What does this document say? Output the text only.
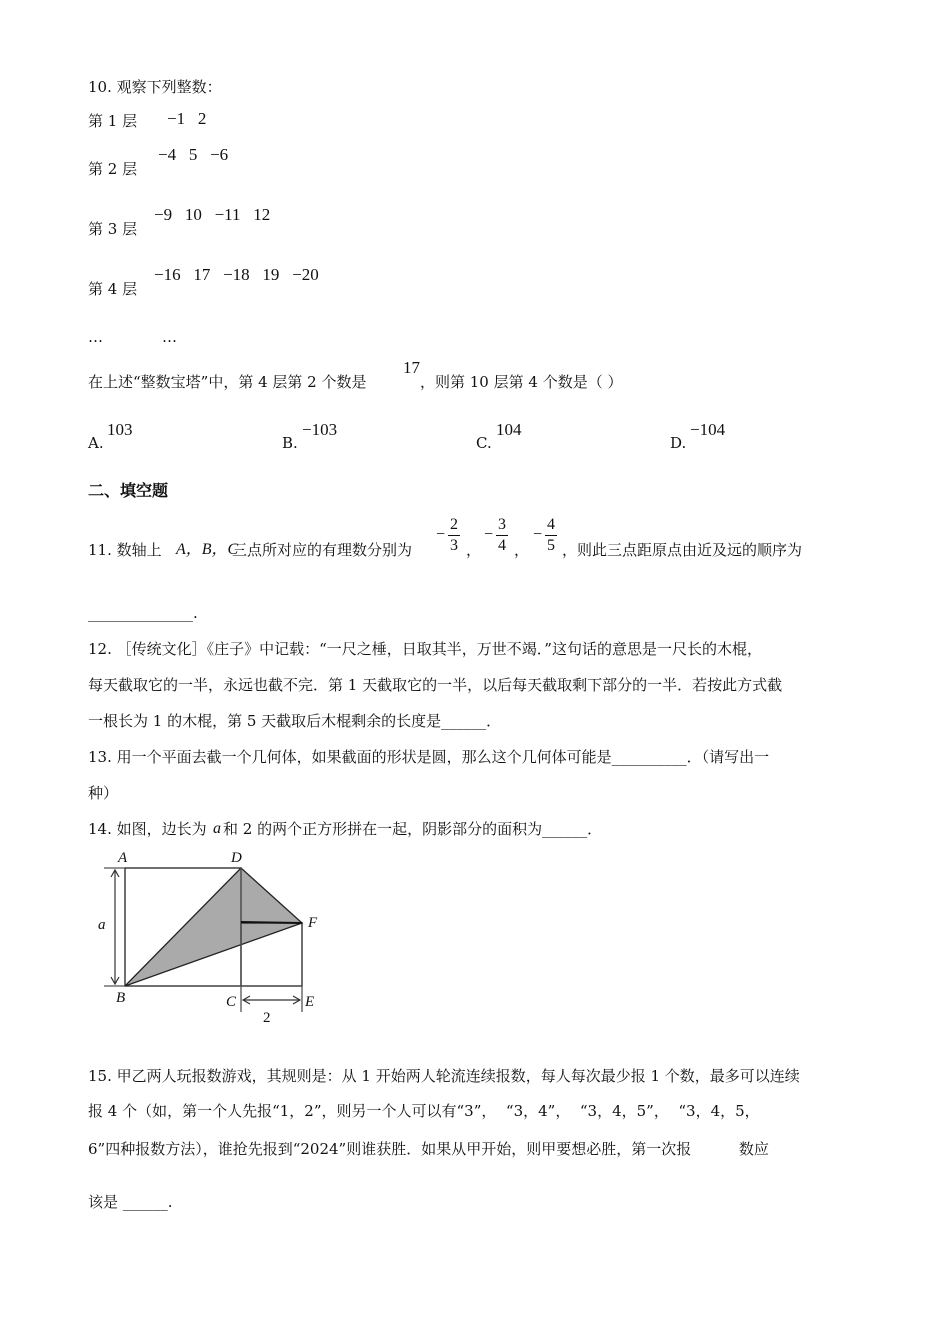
10. 观察下列整数：
第 1 层 −1   2
第 2 层
−4   5   −6
第 3 层
−9   10   −11   12
第 4 层
−16   17   −18   19   −20
…	…
在上述“整数宝塔”中，第 4 层第 2 个数是
17
，则第 10 层第 4 个数是（ ）
A.
103
B.
−103
C.
104
D.
−104
二、填空题
11. 数轴上 A，B，C
三点所对应的有理数分别为
− $\frac{2}{3}$ ，
− $\frac{3}{4}$ ，
− $\frac{4}{5}$ ，则此三点距原点由近及远的顺序为
______________.
12. ［传统文化］《庄子》中记载：“一尺之棰，日取其半，万世不竭．”这句话的意思是一尺长的木棍，
每天截取它的一半，永远也截不完．第 1 天截取它的一半，以后每天截取剩下部分的一半．若按此方式截
一根长为 1 的木棍，第 5 天截取后木棍剩余的长度是______．
13. 用一个平面去截一个几何体，如果截面的形状是圆，那么这个几何体可能是__________．（请写出一
种）
14. 如图，边长为 a 和 2 的两个正方形拼在一起，阴影部分的面积为______．
A	D
F
B	C	E
a
2
15. 甲乙两人玩报数游戏，其规则是：从 1 开始两人轮流连续报数，每人每次最少报 1 个数，最多可以连续
报 4 个（如，第一个人先报“1，2”，则另一个人可以有“3”，  “3，4”，  “3，4，5”，  “3，4，5，
6”四种报数方法），谁抢先报到“2024”则谁获胜．如果从甲开始，则甲要想必胜，第一次报          数应
该是 ______.
